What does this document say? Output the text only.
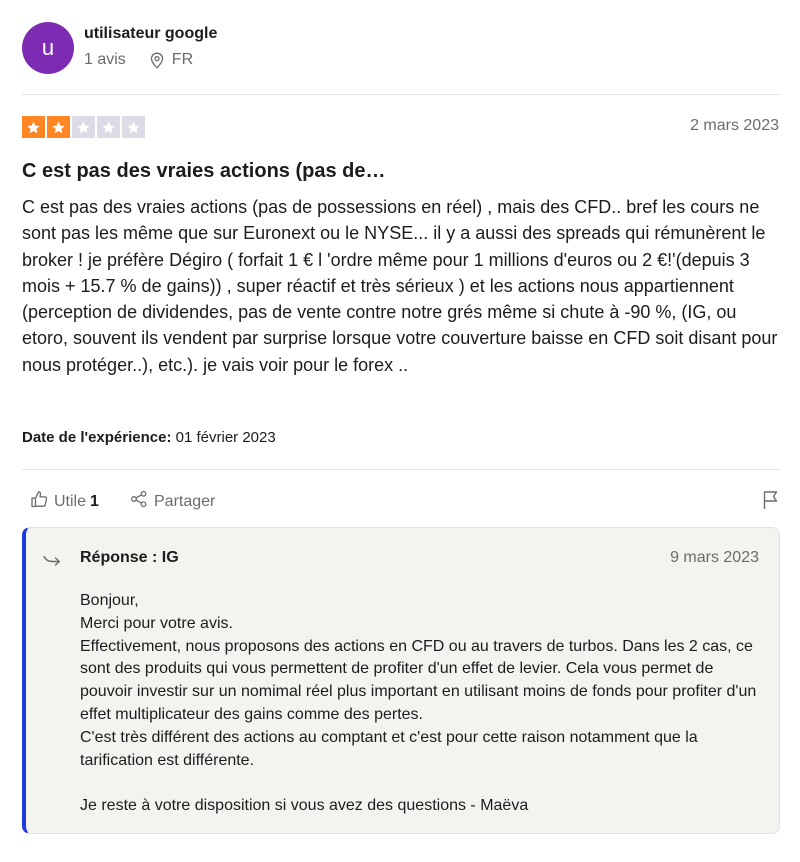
u
utilisateur google
1 avis	FR
2 mars 2023
C est pas des vraies actions (pas de…
C est pas des vraies actions (pas de possessions en réel) , mais des CFD.. bref les cours ne sont pas les même que sur Euronext ou le NYSE... il y a aussi des spreads qui rémunèrent le broker ! je préfère Dégiro ( forfait 1 € l 'ordre même pour 1 millions d'euros ou 2 €!'(depuis 3 mois + 15.7 % de gains)) , super réactif et très sérieux ) et les actions nous appartiennent (perception de dividendes, pas de vente contre notre grés même si chute à -90 %, (IG, ou etoro, souvent ils vendent par surprise lorsque votre couverture baisse en CFD soit disant pour nous protéger..), etc.). je vais voir pour le forex ..
Date de l'expérience: 01 février 2023
Utile 1	Partager
Réponse : IG	9 mars 2023

Bonjour,

Merci pour votre avis.

Effectivement, nous proposons des actions en CFD ou au travers de turbos. Dans les 2 cas, ce sont des produits qui vous permettent de profiter d'un effet de levier. Cela vous permet de pouvoir investir sur un nomimal réel plus important en utilisant moins de fonds pour profiter d'un effet multiplicateur des gains comme des pertes.

C'est très différent des actions au comptant et c'est pour cette raison notamment que la tarification est différente.

Je reste à votre disposition si vous avez des questions - Maëva
